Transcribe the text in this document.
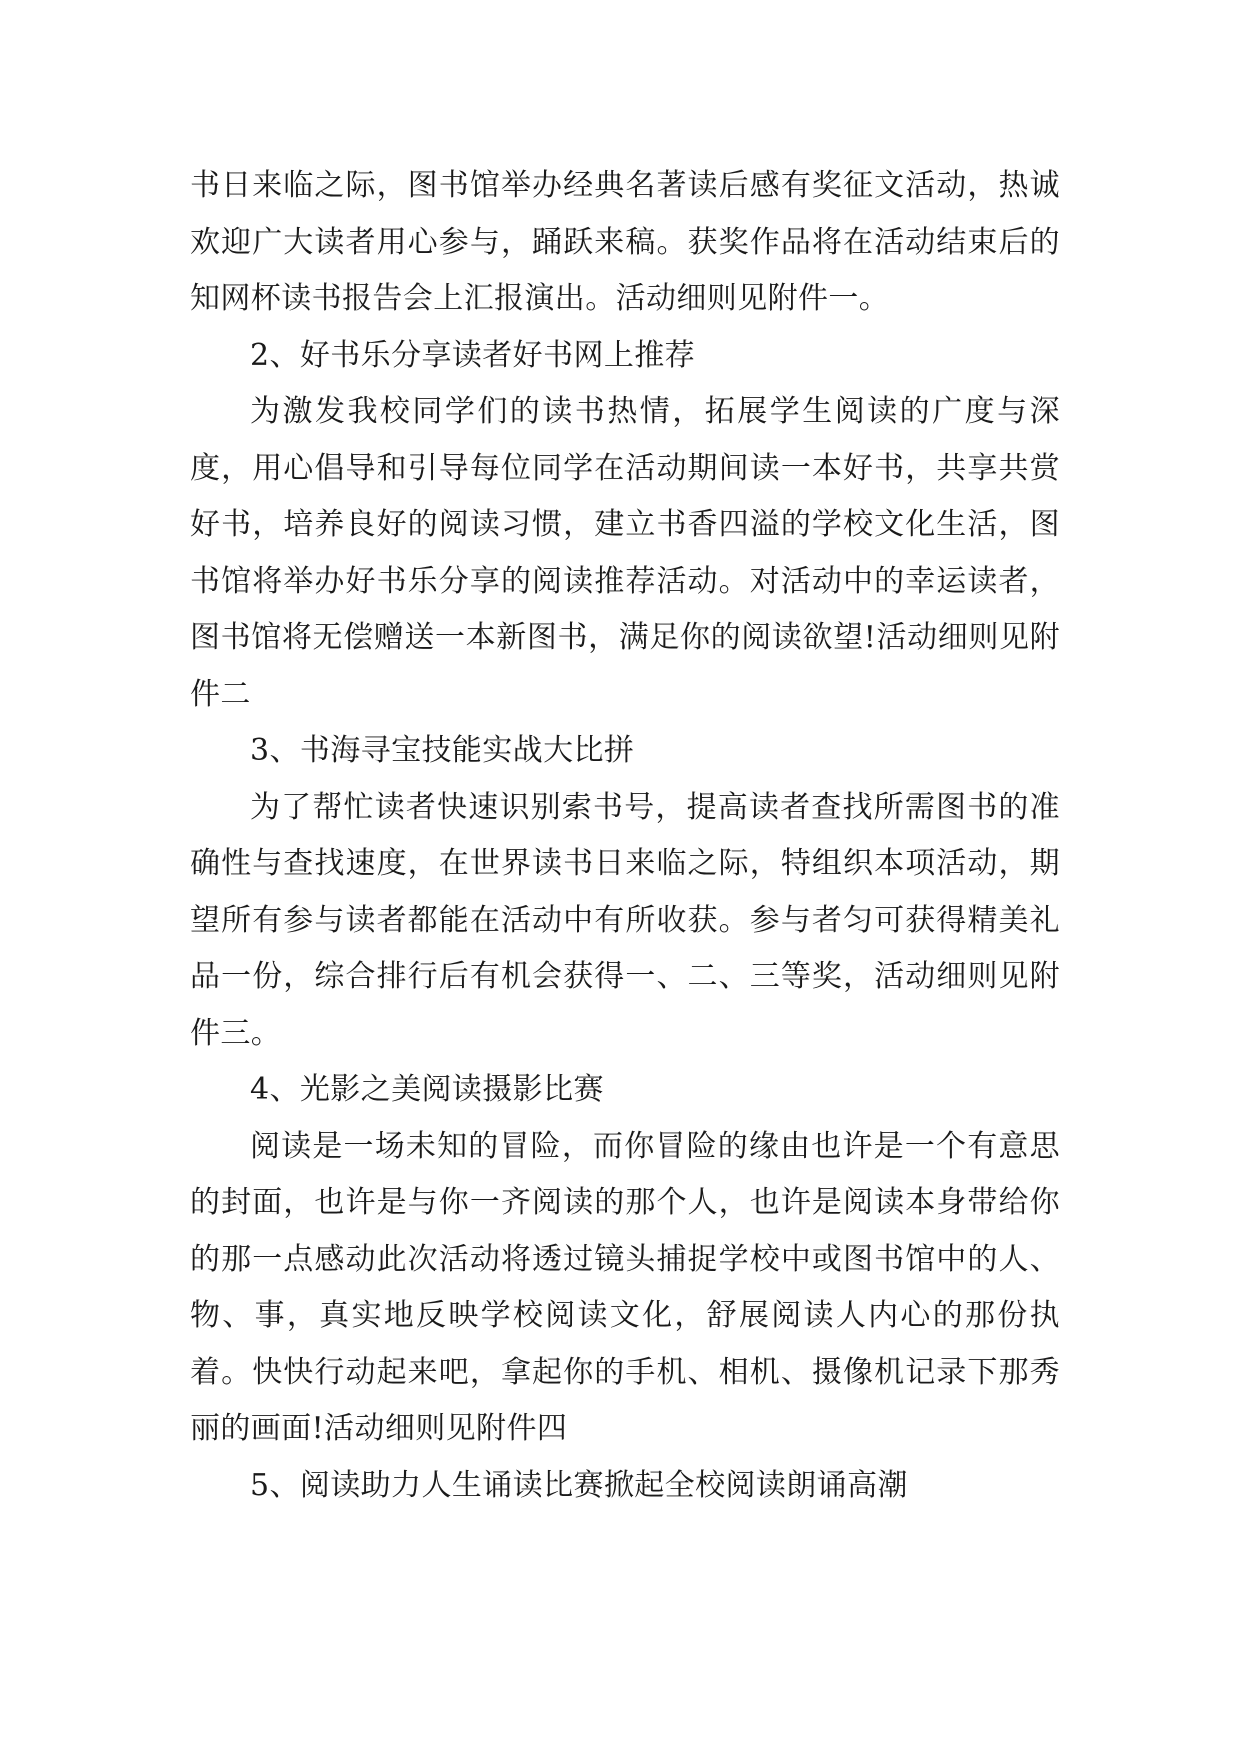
书日来临之际，图书馆举办经典名著读后感有奖征文活动，热诚欢迎广大读者用心参与，踊跃来稿。获奖作品将在活动结束后的知网杯读书报告会上汇报演出。活动细则见附件一。

2、好书乐分享读者好书网上推荐

为激发我校同学们的读书热情，拓展学生阅读的广度与深度，用心倡导和引导每位同学在活动期间读一本好书，共享共赏好书，培养良好的阅读习惯，建立书香四溢的学校文化生活，图书馆将举办好书乐分享的阅读推荐活动。对活动中的幸运读者，图书馆将无偿赠送一本新图书，满足你的阅读欲望!活动细则见附件二

3、书海寻宝技能实战大比拼

为了帮忙读者快速识别索书号，提高读者查找所需图书的准确性与查找速度，在世界读书日来临之际，特组织本项活动，期望所有参与读者都能在活动中有所收获。参与者匀可获得精美礼品一份，综合排行后有机会获得一、二、三等奖，活动细则见附件三。

4、光影之美阅读摄影比赛

阅读是一场未知的冒险，而你冒险的缘由也许是一个有意思的封面，也许是与你一齐阅读的那个人，也许是阅读本身带给你的那一点感动此次活动将透过镜头捕捉学校中或图书馆中的人、物、事，真实地反映学校阅读文化，舒展阅读人内心的那份执着。快快行动起来吧，拿起你的手机、相机、摄像机记录下那秀丽的画面!活动细则见附件四

5、阅读助力人生诵读比赛掀起全校阅读朗诵高潮
